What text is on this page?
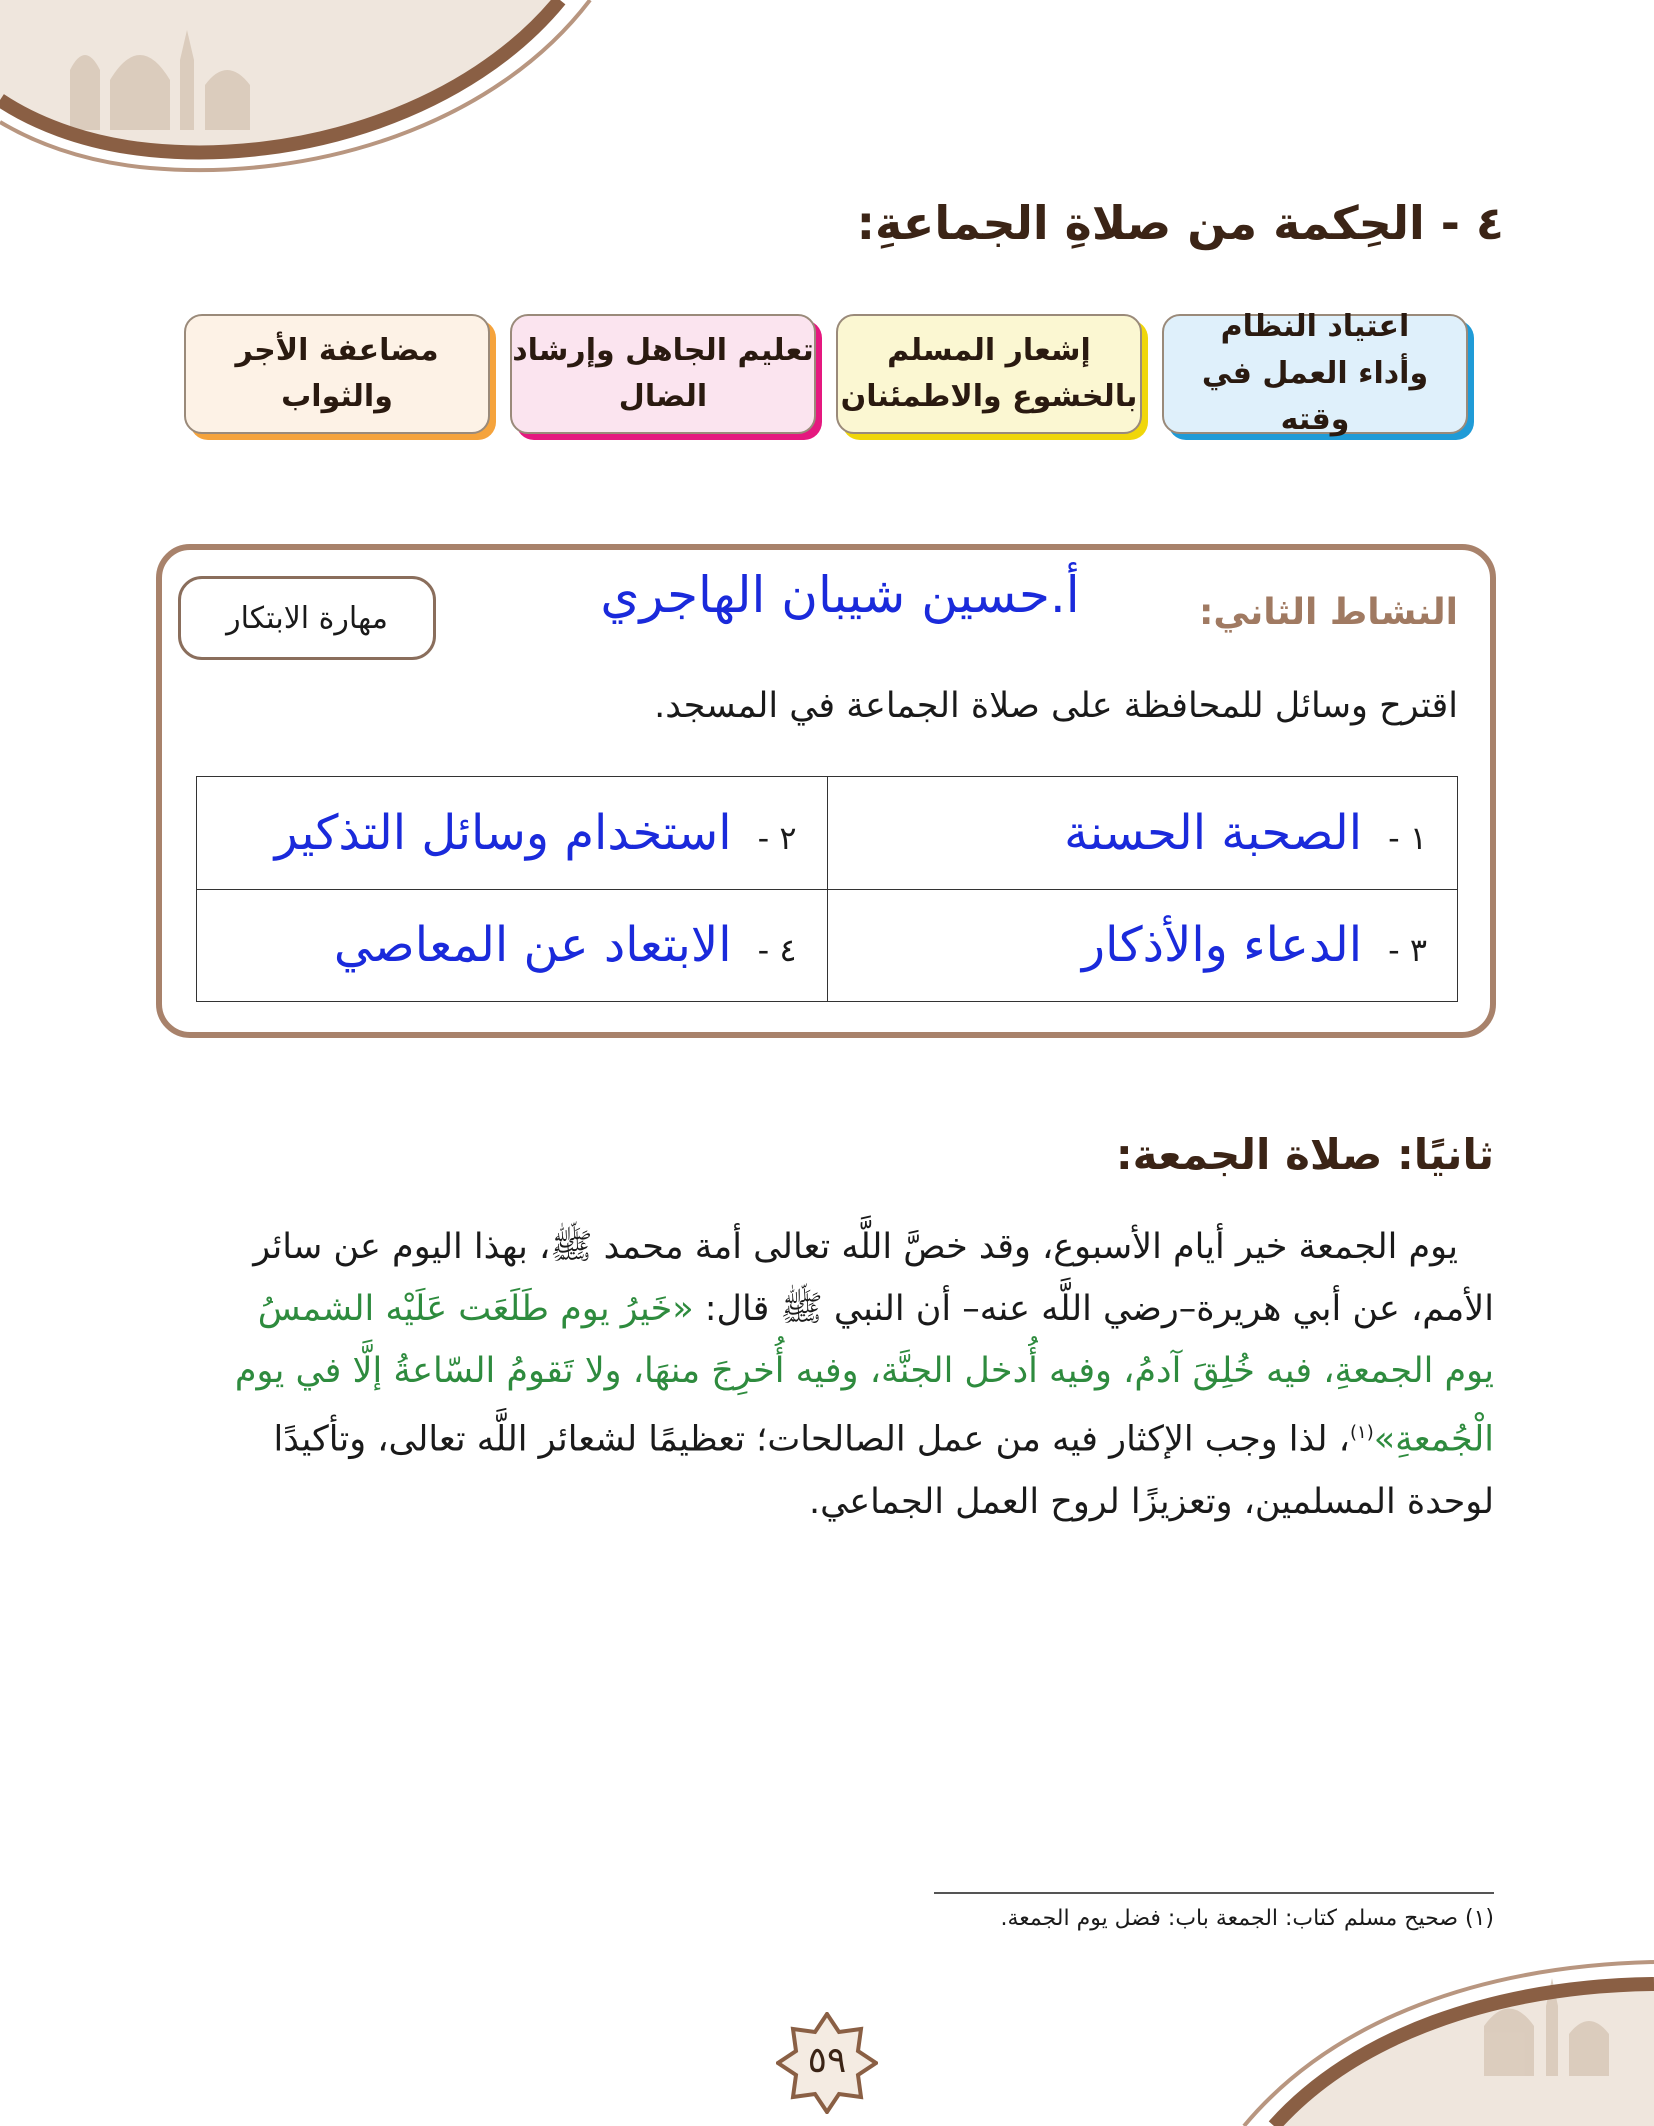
٤ - الحِكمة من صلاةِ الجماعةِ:
اعتياد النظام
وأداء العمل في وقته
إشعار المسلم
بالخشوع والاطمئنان
تعليم الجاهل وإرشاد
الضال
مضاعفة الأجر
والثواب
النشاط الثاني:
أ.حسين شيبان الهاجري
مهارة الابتكار
اقترح وسائل للمحافظة على صلاة الجماعة في المسجد.
١ -الصحبة الحسنة	٢ -استخدام وسائل التذكير
٣ -الدعاء والأذكار	٤ -الابتعاد عن المعاصي
ثانيًا: صلاة الجمعة:
يوم الجمعة خير أيام الأسبوع، وقد خصَّ اللَّه تعالى أمة محمد ﷺ، بهذا اليوم عن سائر
الأمم، عن أبي هريرة–رضي اللَّه عنه– أن النبي ﷺ قال: «خَيرُ يوم طَلَعَت عَلَيْه الشمسُ
يوم الجمعةِ، فيه خُلِقَ آدمُ، وفيه أُدخل الجنَّة، وفيه أُخرِجَ منهَا، ولا تَقومُ السّاعةُ إلَّا في يوم
الْجُمعةِ»$^{(١)}$، لذا وجب الإكثار فيه من عمل الصالحات؛ تعظيمًا لشعائر اللَّه تعالى، وتأكيدًا
لوحدة المسلمين، وتعزيزًا لروح العمل الجماعي.
(١) صحيح مسلم كتاب: الجمعة باب: فضل يوم الجمعة.
٥٩
